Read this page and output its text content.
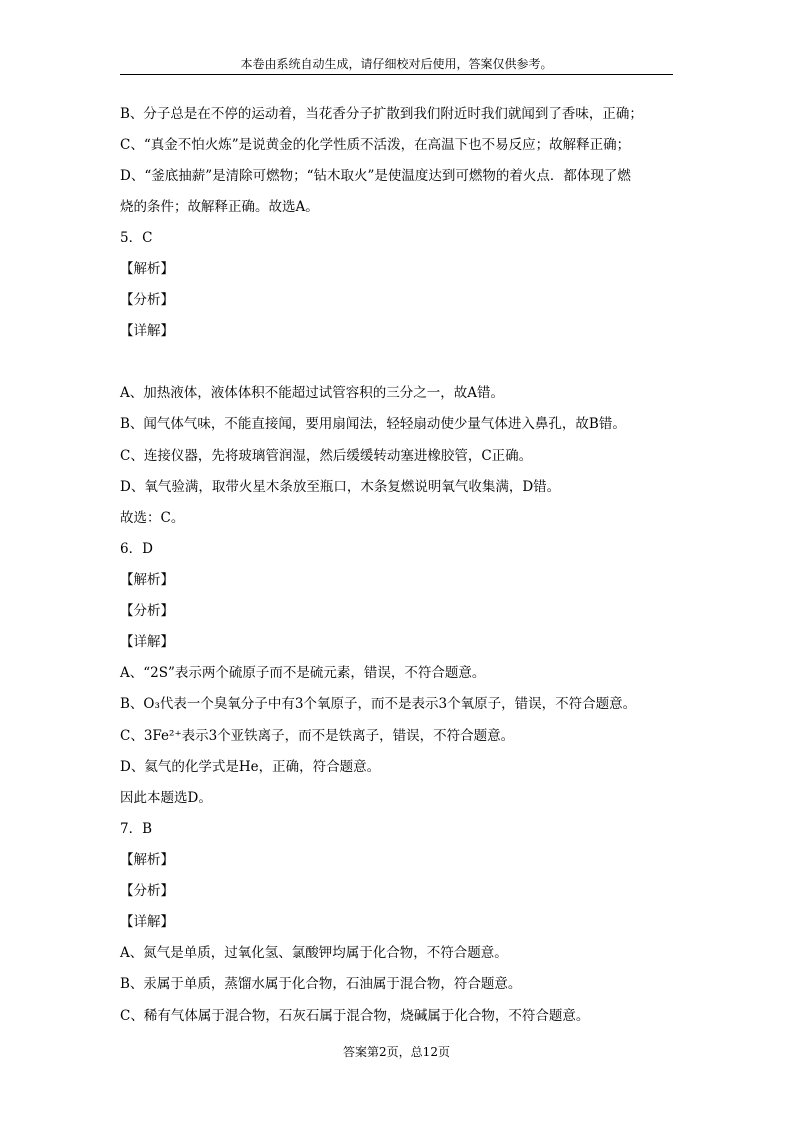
本卷由系统自动生成，请仔细校对后使用，答案仅供参考。
B、分子总是在不停的运动着，当花香分子扩散到我们附近时我们就闻到了香味，正确；
C、“真金不怕火炼”是说黄金的化学性质不活泼，在高温下也不易反应；故解释正确；
D、“釜底抽薪”是清除可燃物；“钻木取火”是使温度达到可燃物的着火点．都体现了燃
烧的条件；故解释正确。故选A。
5．C
【解析】
【分析】
【详解】
A、加热液体，液体体积不能超过试管容积的三分之一，故A错。
B、闻气体气味，不能直接闻，要用扇闻法，轻轻扇动使少量气体进入鼻孔，故B错。
C、连接仪器，先将玻璃管润湿，然后缓缓转动塞进橡胶管，C正确。
D、氧气验满，取带火星木条放至瓶口，木条复燃说明氧气收集满，D错。
故选：C。
6．D
【解析】
【分析】
【详解】
A、“2S”表示两个硫原子而不是硫元素，错误，不符合题意。
B、O₃代表一个臭氧分子中有3个氧原子，而不是表示3个氧原子，错误，不符合题意。
C、3Fe²⁺表示3个亚铁离子，而不是铁离子，错误，不符合题意。
D、氦气的化学式是He，正确，符合题意。
因此本题选D。
7．B
【解析】
【分析】
【详解】
A、氮气是单质，过氧化氢、氯酸钾均属于化合物，不符合题意。
B、汞属于单质，蒸馏水属于化合物，石油属于混合物，符合题意。
C、稀有气体属于混合物，石灰石属于混合物，烧碱属于化合物，不符合题意。
答案第2页，总12页
